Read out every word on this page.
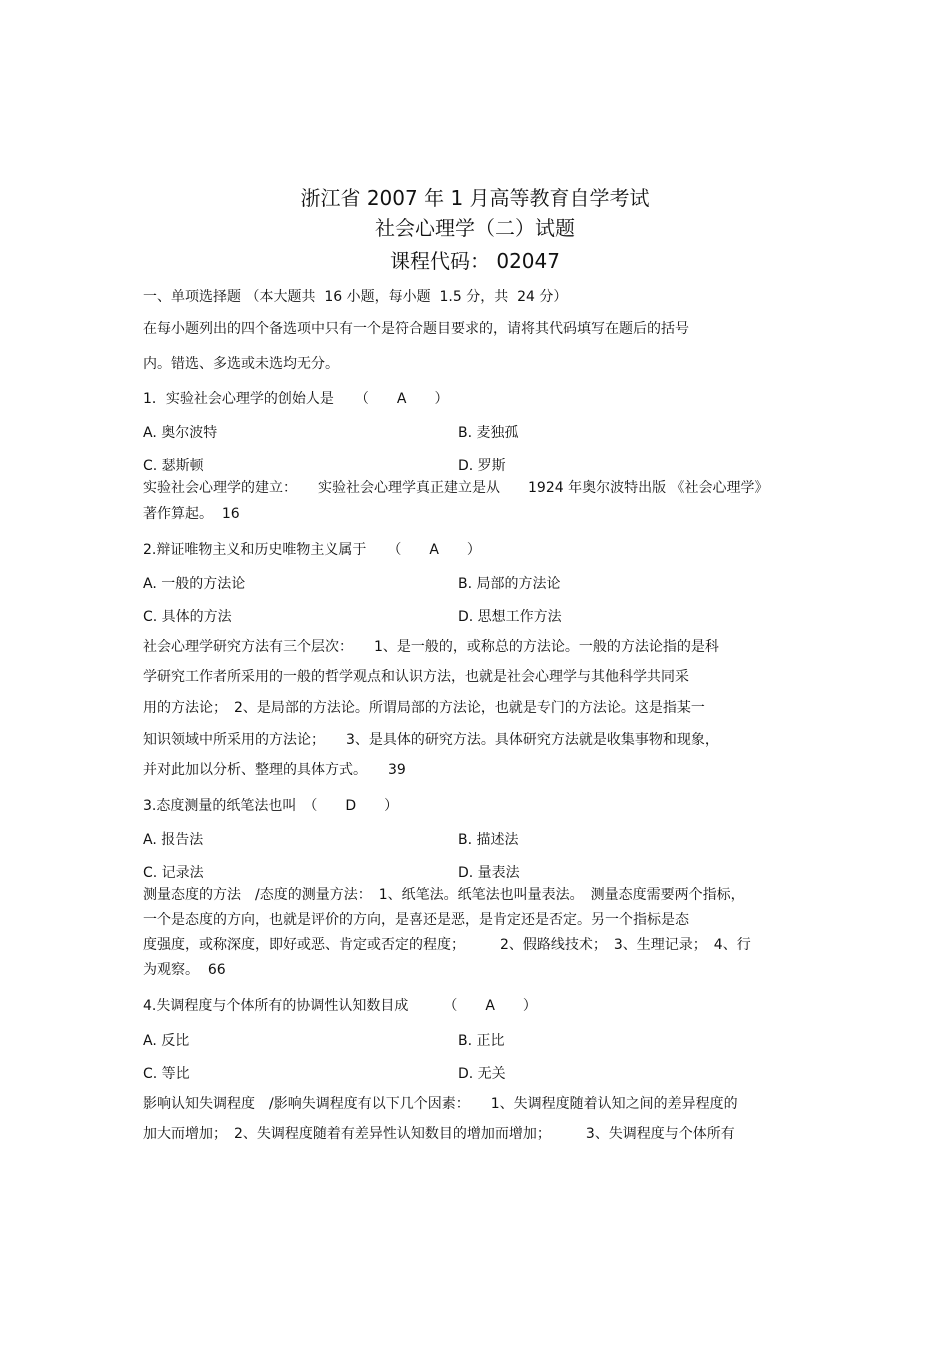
浙江省 2007 年 1 月高等教育自学考试
社会心理学（二）试题
课程代码： 02047
一、单项选择题 （本大题共  16 小题，每小题  1.5 分，共  24 分）
在每小题列出的四个备选项中只有一个是符合题目要求的，请将其代码填写在题后的括号
内。错选、多选或未选均无分。
1．实验社会心理学的创始人是　　（　　A　　）
A. 奥尔波特	B. 麦独孤
C. 瑟斯顿	D. 罗斯
实验社会心理学的建立：　　实验社会心理学真正建立是从　　1924 年奥尔波特出版 《社会心理学》
著作算起。  16
2.辩证唯物主义和历史唯物主义属于　　（　　A　　）
A. 一般的方法论	B. 局部的方法论
C. 具体的方法	D. 思想工作方法
社会心理学研究方法有三个层次：　　1、是一般的，或称总的方法论。一般的方法论指的是科
学研究工作者所采用的一般的哲学观点和认识方法，也就是社会心理学与其他科学共同采
用的方法论；　2、是局部的方法论。所谓局部的方法论，也就是专门的方法论。这是指某一
知识领域中所采用的方法论；　　3、是具体的研究方法。具体研究方法就是收集事物和现象，
并对此加以分析、整理的具体方式。　　39
3.态度测量的纸笔法也叫　（　　D　　）
A. 报告法	B. 描述法
C. 记录法	D. 量表法
测量态度的方法　/态度的测量方法：　1、纸笔法。纸笔法也叫量表法。　测量态度需要两个指标，
一个是态度的方向，也就是评价的方向，是喜还是恶，是肯定还是否定。另一个指标是态
度强度，或称深度，即好或恶、肯定或否定的程度；　　　2、假路线技术；　3、生理记录；　4、行
为观察。  66
4.失调程度与个体所有的协调性认知数目成　　　（　　A　　）
A. 反比	B. 正比
C. 等比	D. 无关
影响认知失调程度　/影响失调程度有以下几个因素：　　1、失调程度随着认知之间的差异程度的
加大而增加；　2、失调程度随着有差异性认知数目的增加而增加；　　　3、失调程度与个体所有
